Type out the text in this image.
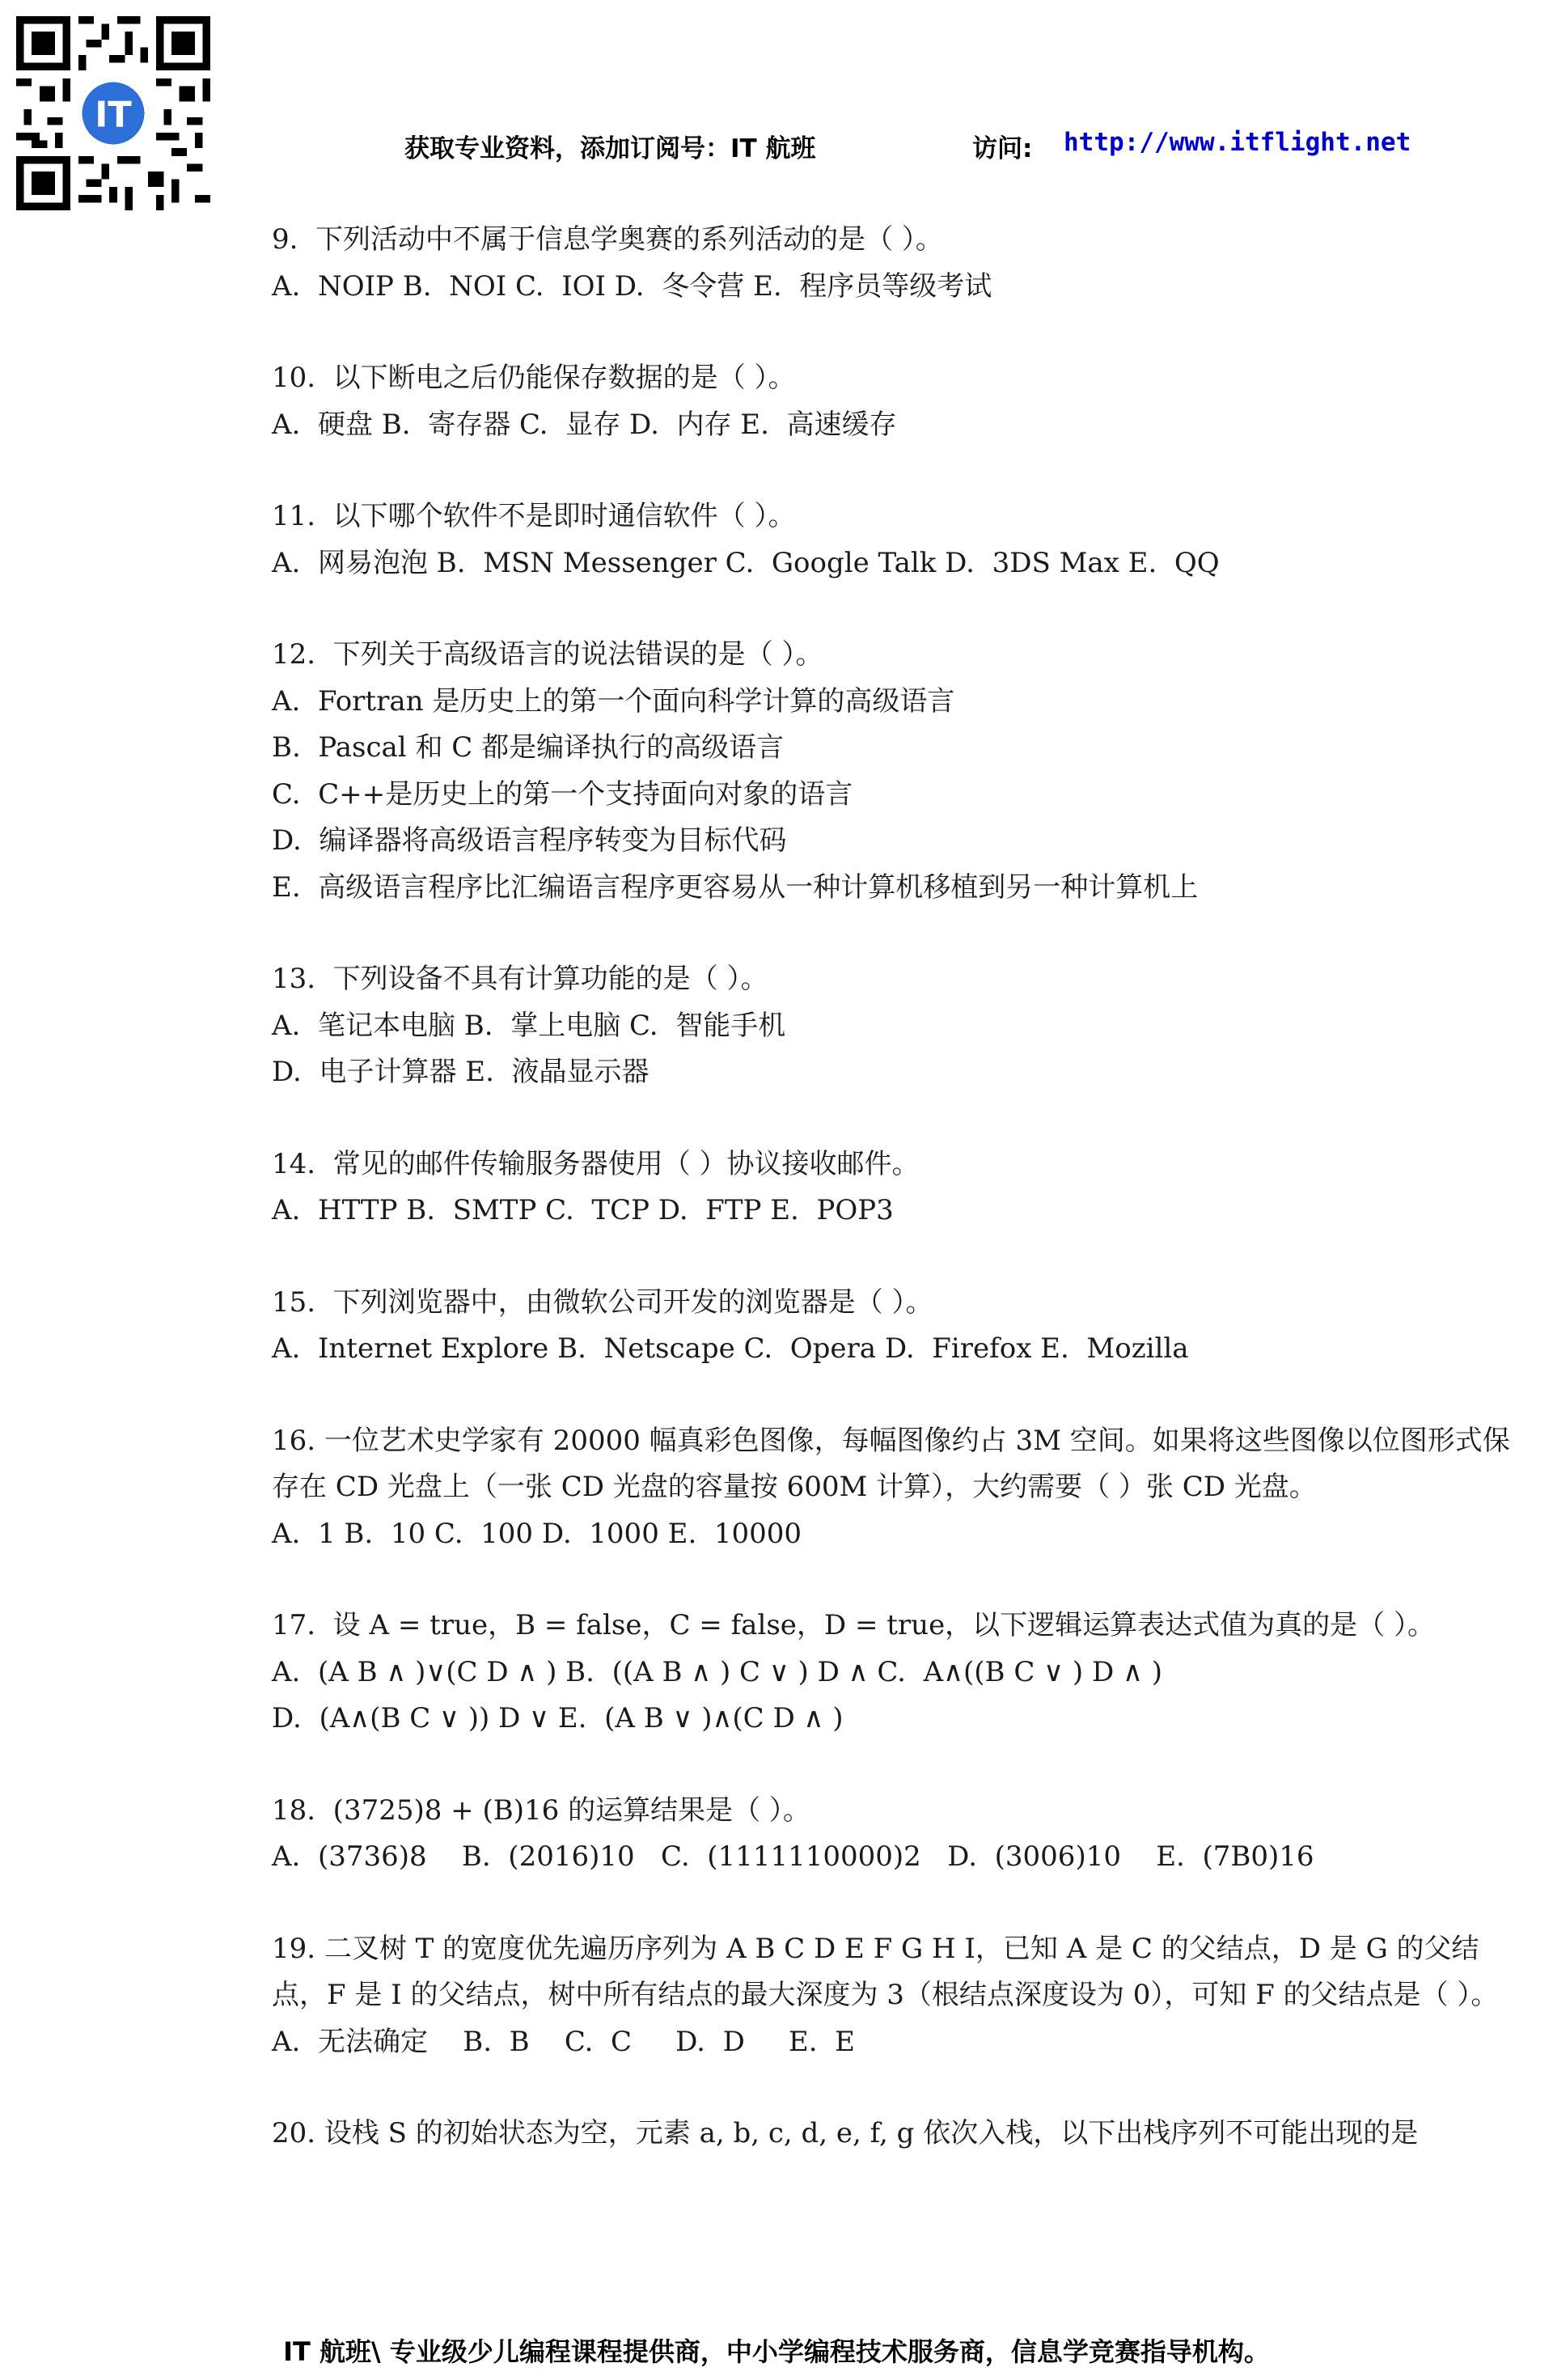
IT
获取专业资料，添加订阅号：IT 航班	访问: http://www.itflight.net
9.  下列活动中不属于信息学奥赛的系列活动的是（ ）。
A.  NOIP B.  NOI C.  IOI D.  冬令营 E.  程序员等级考试
10.  以下断电之后仍能保存数据的是（ ）。
A.  硬盘 B.  寄存器 C.  显存 D.  内存 E.  高速缓存
11.  以下哪个软件不是即时通信软件（ ）。
A.  网易泡泡 B.  MSN Messenger C.  Google Talk D.  3DS Max E.  QQ
12.  下列关于高级语言的说法错误的是（ ）。
A.  Fortran 是历史上的第一个面向科学计算的高级语言
B.  Pascal 和 C 都是编译执行的高级语言
C.  C++是历史上的第一个支持面向对象的语言
D.  编译器将高级语言程序转变为目标代码
E.  高级语言程序比汇编语言程序更容易从一种计算机移植到另一种计算机上
13.  下列设备不具有计算功能的是（ ）。
A.  笔记本电脑 B.  掌上电脑 C.  智能手机
D.  电子计算器 E.  液晶显示器
14.  常见的邮件传输服务器使用（ ）协议接收邮件。
A.  HTTP B.  SMTP C.  TCP D.  FTP E.  POP3
15.  下列浏览器中，由微软公司开发的浏览器是（ ）。
A.  Internet Explore B.  Netscape C.  Opera D.  Firefox E.  Mozilla
16. 一位艺术史学家有 20000 幅真彩色图像，每幅图像约占 3M 空间。如果将这些图像以位图形式保存在 CD 光盘上（一张 CD 光盘的容量按 600M 计算），大约需要（ ）张 CD 光盘。
A.  1 B.  10 C.  100 D.  1000 E.  10000
17.  设 A = true，B = false，C = false，D = true，以下逻辑运算表达式值为真的是（ ）。
A.  (A B ∧ )∨(C D ∧ ) B.  ((A B ∧ ) C ∨ ) D ∧ C.  A∧((B C ∨ ) D ∧ )
D.  (A∧(B C ∨ )) D ∨ E.  (A B ∨ )∧(C D ∧ )
18.  (3725)8 + (B)16 的运算结果是（ ）。
A.  (3736)8    B.  (2016)10   C.  (1111110000)2   D.  (3006)10    E.  (7B0)16
19. 二叉树 T 的宽度优先遍历序列为 A B C D E F G H I，已知 A 是 C 的父结点，D 是 G 的父结点，F 是 I 的父结点，树中所有结点的最大深度为 3（根结点深度设为 0），可知 F 的父结点是（ ）。
A.  无法确定    B.  B    C.  C     D.  D     E.  E
20. 设栈 S 的初始状态为空，元素 a, b, c, d, e, f, g 依次入栈，以下出栈序列不可能出现的是
IT 航班\ 专业级少儿编程课程提供商，中小学编程技术服务商，信息学竞赛指导机构。
